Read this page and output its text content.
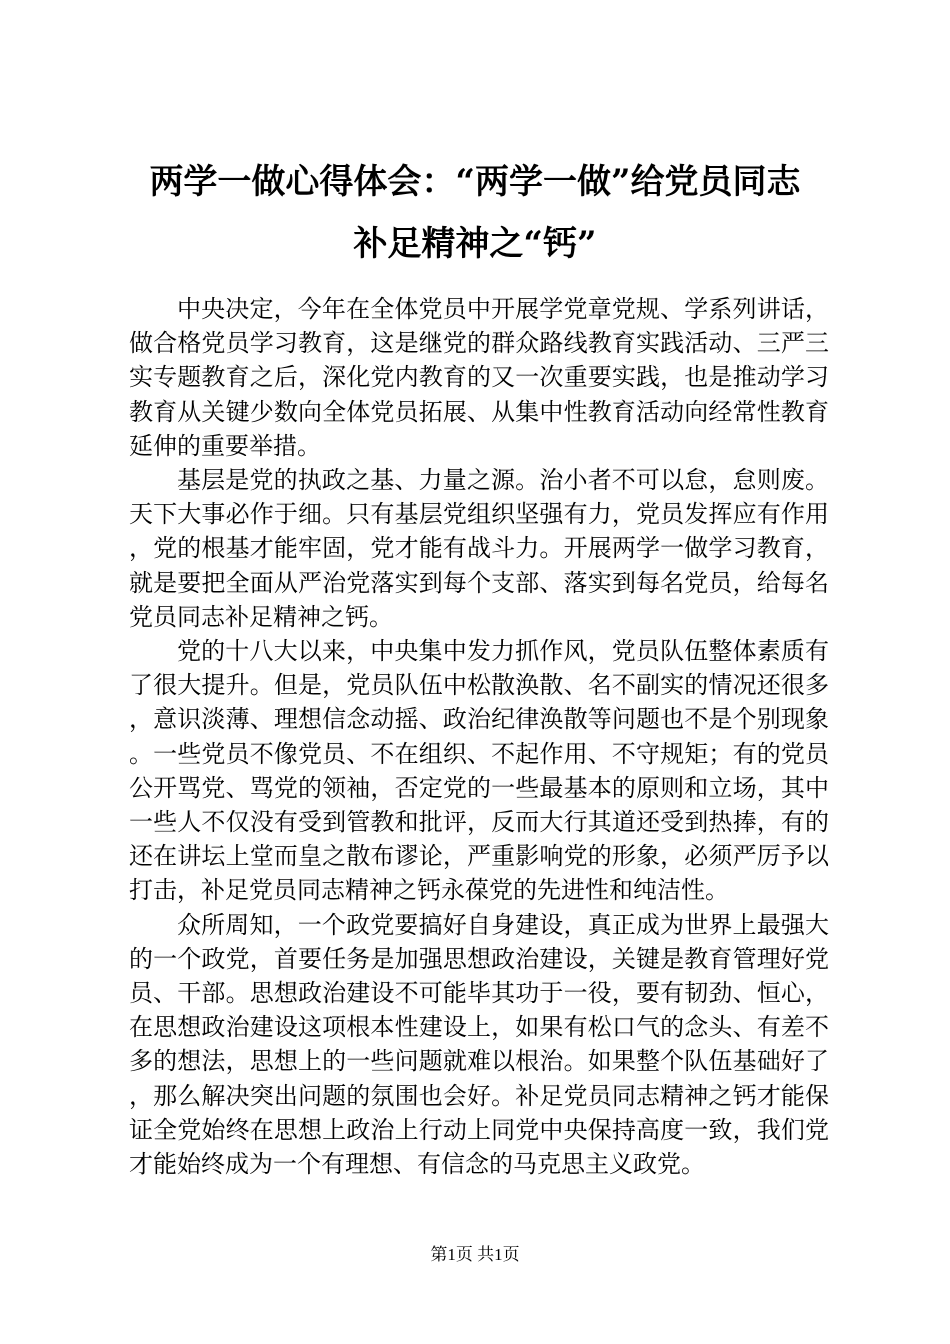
两学一做心得体会：“两学一做”给党员同志
补足精神之“钙”

中央决定，今年在全体党员中开展学党章党规、学系列讲话，做合格党员学习教育，这是继党的群众路线教育实践活动、三严三实专题教育之后，深化党内教育的又一次重要实践，也是推动学习教育从关键少数向全体党员拓展、从集中性教育活动向经常性教育延伸的重要举措。

基层是党的执政之基、力量之源。治小者不可以怠，怠则废。天下大事必作于细。只有基层党组织坚强有力，党员发挥应有作用，党的根基才能牢固，党才能有战斗力。开展两学一做学习教育，就是要把全面从严治党落实到每个支部、落实到每名党员，给每名党员同志补足精神之钙。

党的十八大以来，中央集中发力抓作风，党员队伍整体素质有了很大提升。但是，党员队伍中松散涣散、名不副实的情况还很多，意识淡薄、理想信念动摇、政治纪律涣散等问题也不是个别现象。一些党员不像党员、不在组织、不起作用、不守规矩；有的党员公开骂党、骂党的领袖，否定党的一些最基本的原则和立场，其中一些人不仅没有受到管教和批评，反而大行其道还受到热捧，有的还在讲坛上堂而皇之散布谬论，严重影响党的形象，必须严厉予以打击，补足党员同志精神之钙永葆党的先进性和纯洁性。

众所周知，一个政党要搞好自身建设，真正成为世界上最强大的一个政党，首要任务是加强思想政治建设，关键是教育管理好党员、干部。思想政治建设不可能毕其功于一役，要有韧劲、恒心，在思想政治建设这项根本性建设上，如果有松口气的念头、有差不多的想法，思想上的一些问题就难以根治。如果整个队伍基础好了，那么解决突出问题的氛围也会好。补足党员同志精神之钙才能保证全党始终在思想上政治上行动上同党中央保持高度一致，我们党才能始终成为一个有理想、有信念的马克思主义政党。

第1页 共1页
